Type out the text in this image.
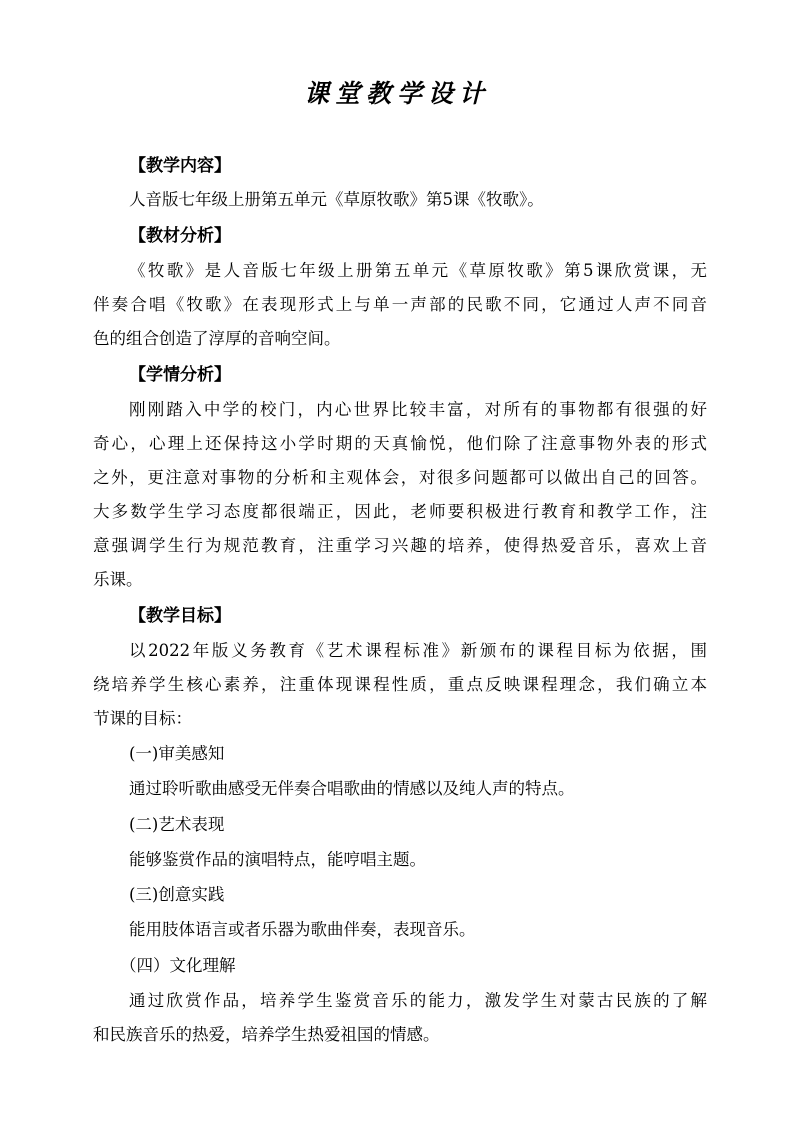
课堂教学设计

【教学内容】

人音版七年级上册第五单元《草原牧歌》第5课《牧歌》。

【教材分析】

《牧歌》是人音版七年级上册第五单元《草原牧歌》第5课欣赏课，无

伴奏合唱《牧歌》在表现形式上与单一声部的民歌不同，它通过人声不同音

色的组合创造了淳厚的音响空间。

【学情分析】

刚刚踏入中学的校门，内心世界比较丰富，对所有的事物都有很强的好

奇心，心理上还保持这小学时期的天真愉悦，他们除了注意事物外表的形式

之外，更注意对事物的分析和主观体会，对很多问题都可以做出自己的回答。

大多数学生学习态度都很端正，因此，老师要积极进行教育和教学工作，注

意强调学生行为规范教育，注重学习兴趣的培养，使得热爱音乐，喜欢上音

乐课。

【教学目标】

以2022年版义务教育《艺术课程标准》新颁布的课程目标为依据，围

绕培养学生核心素养，注重体现课程性质，重点反映课程理念，我们确立本

节课的目标：

(一)审美感知

通过聆听歌曲感受无伴奏合唱歌曲的情感以及纯人声的特点。

(二)艺术表现

能够鉴赏作品的演唱特点，能哼唱主题。

(三)创意实践

能用肢体语言或者乐器为歌曲伴奏，表现音乐。

（四）文化理解

通过欣赏作品，培养学生鉴赏音乐的能力，激发学生对蒙古民族的了解

和民族音乐的热爱，培养学生热爱祖国的情感。
